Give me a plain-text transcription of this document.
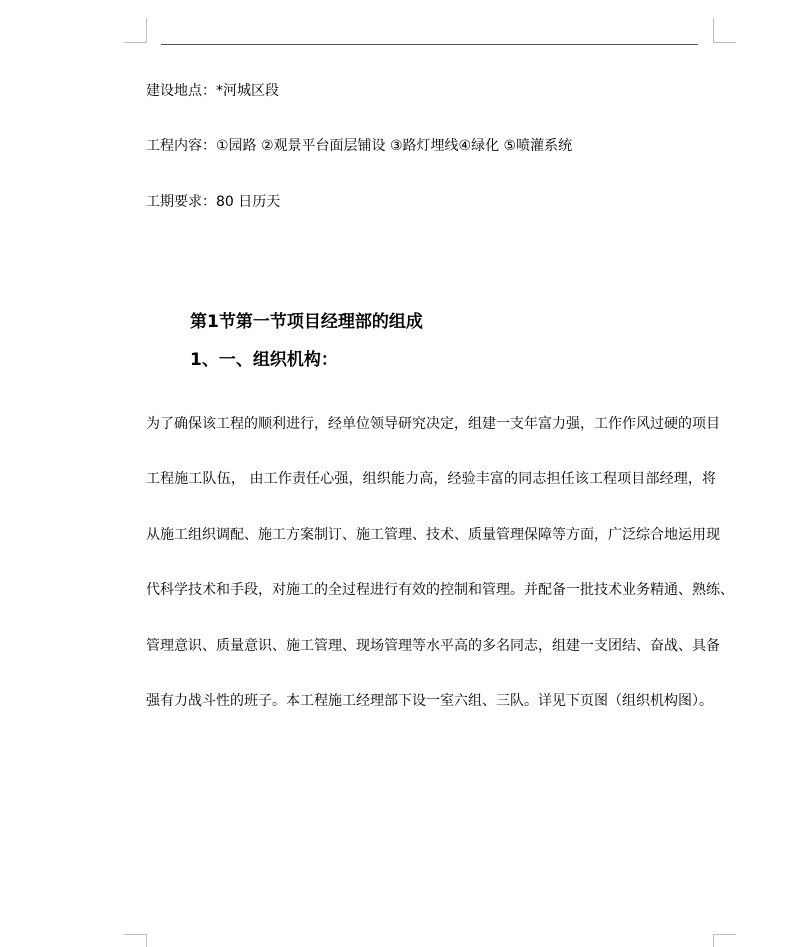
建设地点：*河城区段
工程内容：①园路 ②观景平台面层铺设 ③路灯埋线④绿化 ⑤喷灌系统
工期要求：80 日历天
第1节第一节项目经理部的组成
1、一、组织机构：
为了确保该工程的顺利进行，经单位领导研究决定，组建一支年富力强，工作作风过硬的项目
工程施工队伍， 由工作责任心强，组织能力高，经验丰富的同志担任该工程项目部经理，将
从施工组织调配、施工方案制订、施工管理、技术、质量管理保障等方面，广泛综合地运用现
代科学技术和手段，对施工的全过程进行有效的控制和管理。并配备一批技术业务精通、熟练、
管理意识、质量意识、施工管理、现场管理等水平高的多名同志，组建一支团结、奋战、具备
强有力战斗性的班子。本工程施工经理部下设一室六组、三队。详见下页图（组织机构图）。
